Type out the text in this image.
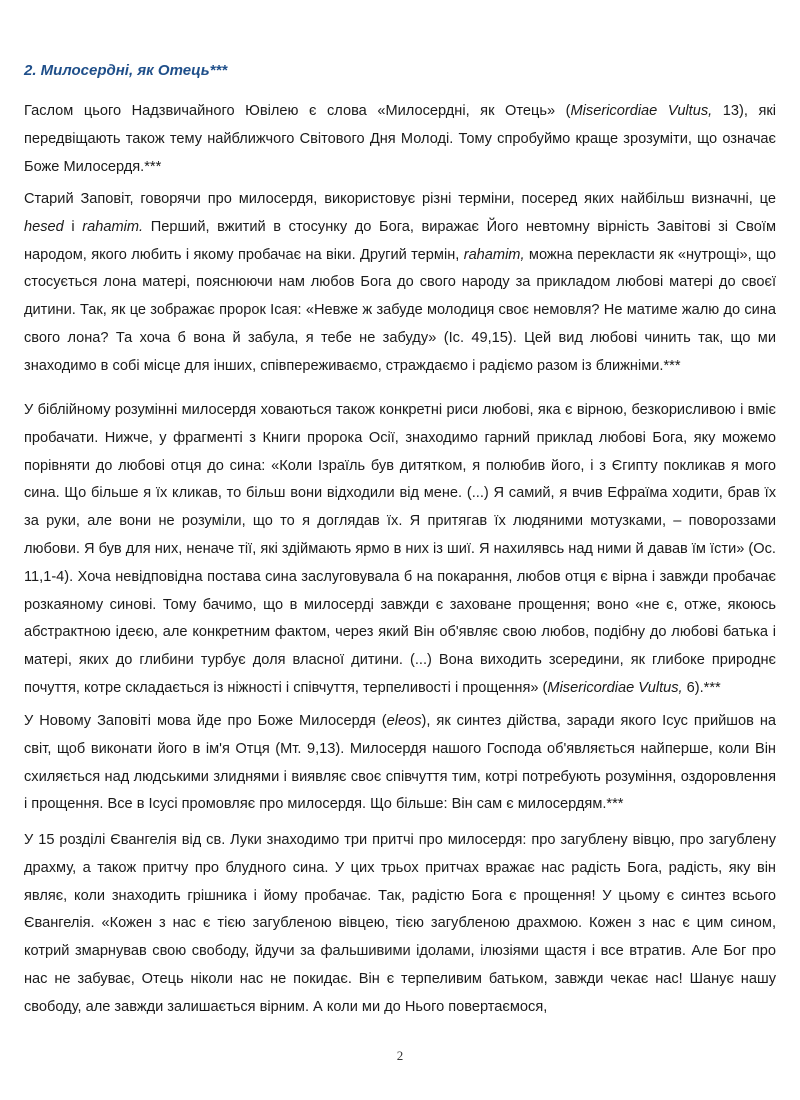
2. Милосердні, як Отець***

Гаслом цього Надзвичайного Ювілею є слова «Милосердні, як Отець» (Misericordiae Vultus, 13), які передвіщають також тему найближчого Світового Дня Молоді. Тому спробуймо краще зрозуміти, що означає Боже Милосердя.***

Старий Заповіт, говорячи про милосердя, використовує різні терміни, посеред яких найбільш визначні, це hesed і rahamim. Перший, вжитий в стосунку до Бога, виражає Його невтомну вірність Завітові зі Своїм народом, якого любить і якому пробачає на віки. Другий термін, rahamim, можна перекласти як «нутрощі», що стосується лона матері, пояснюючи нам любов Бога до свого народу за прикладом любові матері до своєї дитини. Так, як це зображає пророк Ісая: «Невже ж забуде молодиця своє немовля? Не матиме жалю до сина свого лона? Та хоча б вона й забула, я тебе не забуду» (Іс. 49,15). Цей вид любові чинить так, що ми знаходимо в собі місце для інших, співпереживаємо, страждаємо і радіємо разом із ближніми.***

У біблійному розумінні милосердя ховаються також конкретні риси любові, яка є вірною, безкорисливою і вміє пробачати. Нижче, у фрагменті з Книги пророка Осії, знаходимо гарний приклад любові Бога, яку можемо порівняти до любові отця до сина: «Коли Ізраїль був дитятком, я полюбив його, і з Єгипту покликав я мого сина. Що більше я їх кликав, то більш вони відходили від мене. (...) Я самий, я вчив Ефраїма ходити, брав їх за руки, але вони не розуміли, що то я доглядав їх. Я притягав їх людяними мотузками, – повороззами любови. Я був для них, неначе тії, які здіймають ярмо в них із шиї. Я нахилявсь над ними й давав їм їсти» (Ос. 11,1-4). Хоча невідповідна постава сина заслуговувала б на покарання, любов отця є вірна і завжди пробачає розкаяному синові. Тому бачимо, що в милосерді завжди є заховане прощення; воно «не є, отже, якоюсь абстрактною ідеєю, але конкретним фактом, через який Він об'являє свою любов, подібну до любові батька і матері, яких до глибини турбує доля власної дитини. (...) Вона виходить зсередини, як глибоке природнє почуття, котре складається із ніжності і співчуття, терпеливості і прощення» (Misericordiae Vultus, 6).***

У Новому Заповіті мова йде про Боже Милосердя (eleos), як синтез дійства, заради якого Ісус прийшов на світ, щоб виконати його в ім'я Отця (Мт. 9,13). Милосердя нашого Господа об'являється найперше, коли Він схиляється над людськими злиднями і виявляє своє співчуття тим, котрі потребують розуміння, оздоровлення і прощення. Все в Ісусі промовляє про милосердя. Що більше: Він сам є милосердям.***

У 15 розділі Євангелія від св. Луки знаходимо три притчі про милосердя: про загублену вівцю, про загублену драхму, а також притчу про блудного сина. У цих трьох притчах вражає нас радість Бога, радість, яку він являє, коли знаходить грішника і йому пробачає. Так, радістю Бога є прощення! У цьому є синтез всього Євангелія. «Кожен з нас є тією загубленою вівцею, тією загубленою драхмою. Кожен з нас є цим сином, котрий змарнував свою свободу, йдучи за фальшивими ідолами, ілюзіями щастя і все втратив. Але Бог про нас не забуває, Отець ніколи нас не покидає. Він є терпеливим батьком, завжди чекає нас! Шанує нашу свободу, але завжди залишається вірним. А коли ми до Нього повертаємося,

2
